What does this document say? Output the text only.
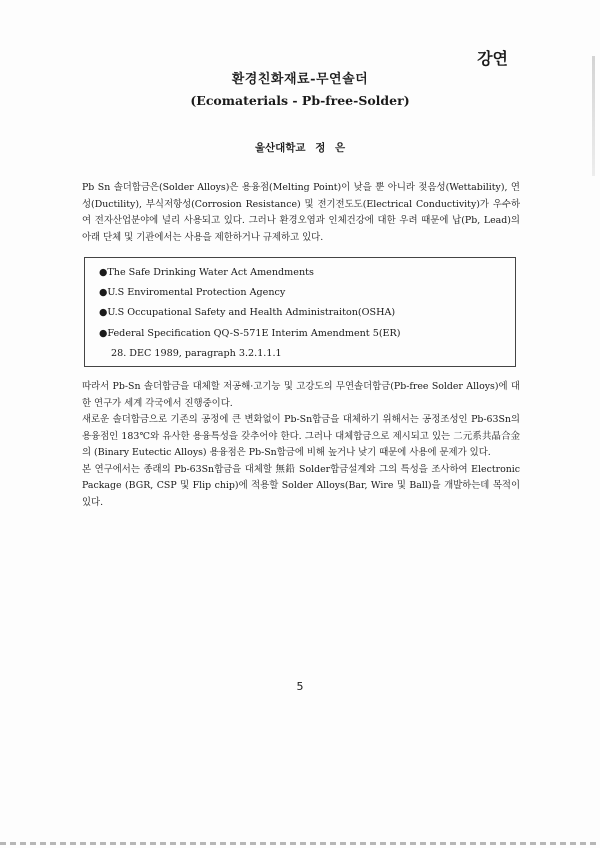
강연
환경친화재료-무연솔더
(Ecomaterials - Pb-free-Solder)
울산대학교 정 은
Pb Sn 솔더합금은(Solder Alloys)은 용융점(Melting Point)이 낮을 뿐 아니라 젖음성(Wettability), 연성(Ductility), 부식저항성(Corrosion Resistance) 및 전기전도도(Electrical Conductivity)가 우수하여 전자산업분야에 널리 사용되고 있다. 그러나 환경오염과 인체건강에 대한 우려 때문에 납(Pb, Lead)의 아래 단체 및 기관에서는 사용을 제한하거나 규제하고 있다.
●The Safe Drinking Water Act Amendments
●U.S Enviromental Protection Agency
●U.S Occupational Safety and Health Administraiton(OSHA)
●Federal Specification QQ-S-571E Interim Amendment 5(ER)
28. DEC 1989, paragraph 3.2.1.1.1
따라서 Pb-Sn 솔더합금을 대체할 저공해·고기능 및 고강도의 무연솔더합금(Pb-free Solder Alloys)에 대한 연구가 세계 각국에서 진행중이다.
새로운 솔더합금으로 기존의 공정에 큰 변화없이 Pb-Sn합금을 대체하기 위해서는 공정조성인 Pb-63Sn의 용융점인 183℃와 유사한 용융특성을 갖추어야 한다. 그러나 대체합금으로 제시되고 있는 二元系共晶合金의 (Binary Eutectic Alloys) 용융점은 Pb-Sn합금에 비해 높거나 낮기 때문에 사용에 문제가 있다.
본 연구에서는 종래의 Pb-63Sn합금을 대체할 無鉛 Solder합금설계와 그의 특성을 조사하여 Electronic Package (BGR, CSP 및 Flip chip)에 적용할 Solder Alloys(Bar, Wire 및 Ball)을 개발하는데 목적이 있다.
5
